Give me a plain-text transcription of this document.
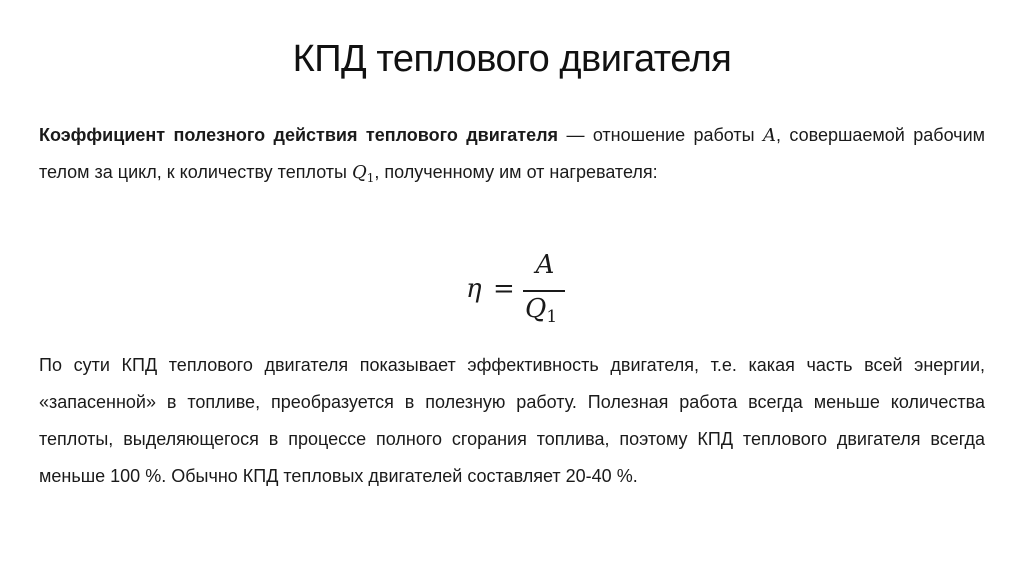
КПД теплового двигателя
Коэффициент полезного действия теплового двигателя — отношение работы A, совершаемой рабочим телом за цикл, к количеству теплоты $Q_1$, полученному им от нагревателя:
η =
A
Q1
По сути КПД теплового двигателя показывает эффективность двигателя, т.е. какая часть всей энергии, «запасенной» в топливе, преобразуется в полезную работу. Полезная работа всегда меньше количества теплоты, выделяющегося в процессе полного сгорания топлива, поэтому КПД теплового двигателя всегда меньше 100 %. Обычно КПД тепловых двигателей составляет 20-40 %.
